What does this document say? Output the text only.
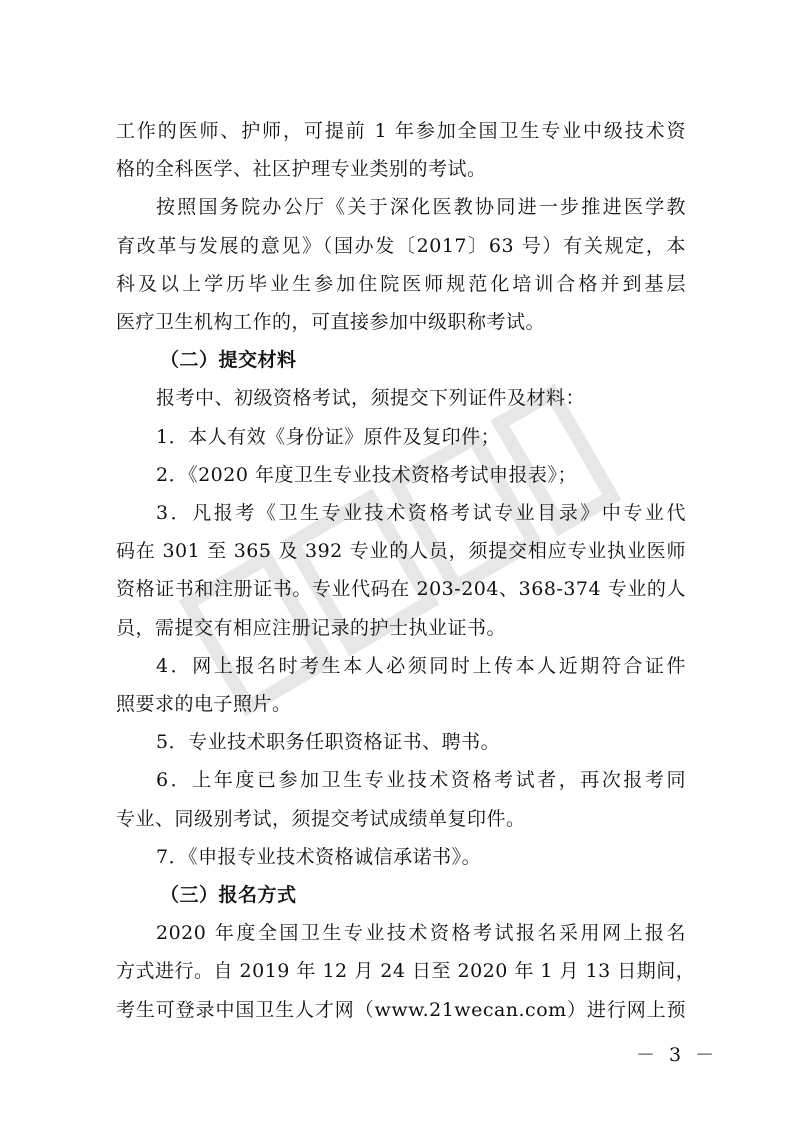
工作的医师、护师，可提前 1 年参加全国卫生专业中级技术资
格的全科医学、社区护理专业类别的考试。
按照国务院办公厅《关于深化医教协同进一步推进医学教
育改革与发展的意见》（国办发〔2017〕63 号）有关规定，本
科及以上学历毕业生参加住院医师规范化培训合格并到基层
医疗卫生机构工作的，可直接参加中级职称考试。
（二）提交材料
报考中、初级资格考试，须提交下列证件及材料：
1．本人有效《身份证》原件及复印件；
2．《2020 年度卫生专业技术资格考试申报表》；
3．凡报考《卫生专业技术资格考试专业目录》中专业代
码在 301 至 365 及 392 专业的人员，须提交相应专业执业医师
资格证书和注册证书。专业代码在 203-204、368-374 专业的人
员，需提交有相应注册记录的护士执业证书。
4．网上报名时考生本人必须同时上传本人近期符合证件
照要求的电子照片。
5．专业技术职务任职资格证书、聘书。
6．上年度已参加卫生专业技术资格考试者，再次报考同
专业、同级别考试，须提交考试成绩单复印件。
7．《申报专业技术资格诚信承诺书》。
（三）报名方式
2020 年度全国卫生专业技术资格考试报名采用网上报名
方式进行。自 2019 年 12 月 24 日至 2020 年 1 月 13 日期间，
考生可登录中国卫生人才网（www.21wecan.com）进行网上预
－ 3 －
